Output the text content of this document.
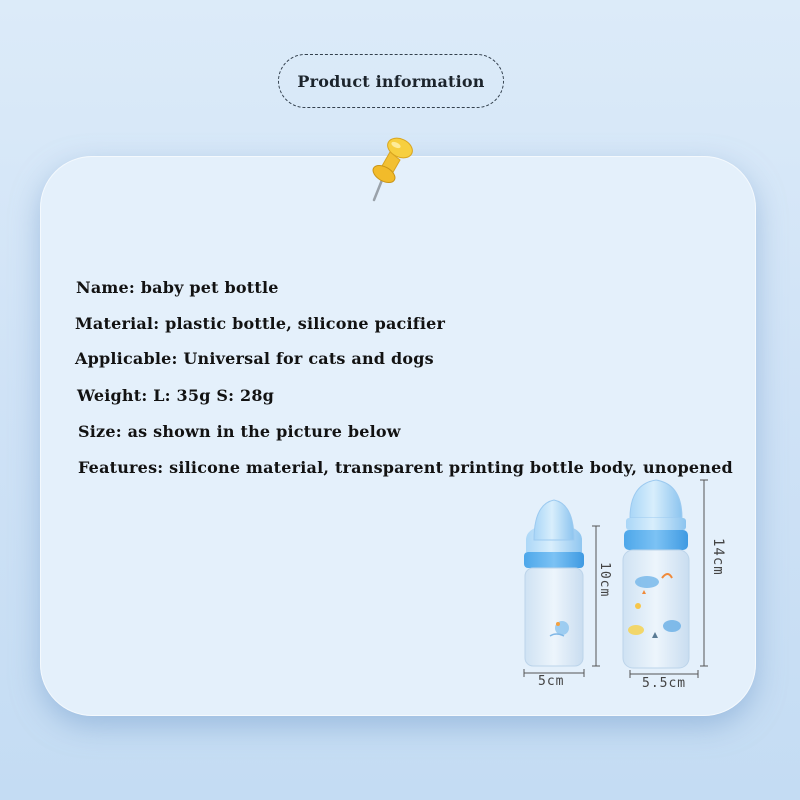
Product information
Name: baby pet bottle
Material: plastic bottle, silicone pacifier
Applicable: Universal for cats and dogs
Weight: L: 35g S: 28g
Size: as shown in the picture below
Features: silicone material, transparent printing bottle body, unopened
10cm
5cm
14cm
5.5cm
